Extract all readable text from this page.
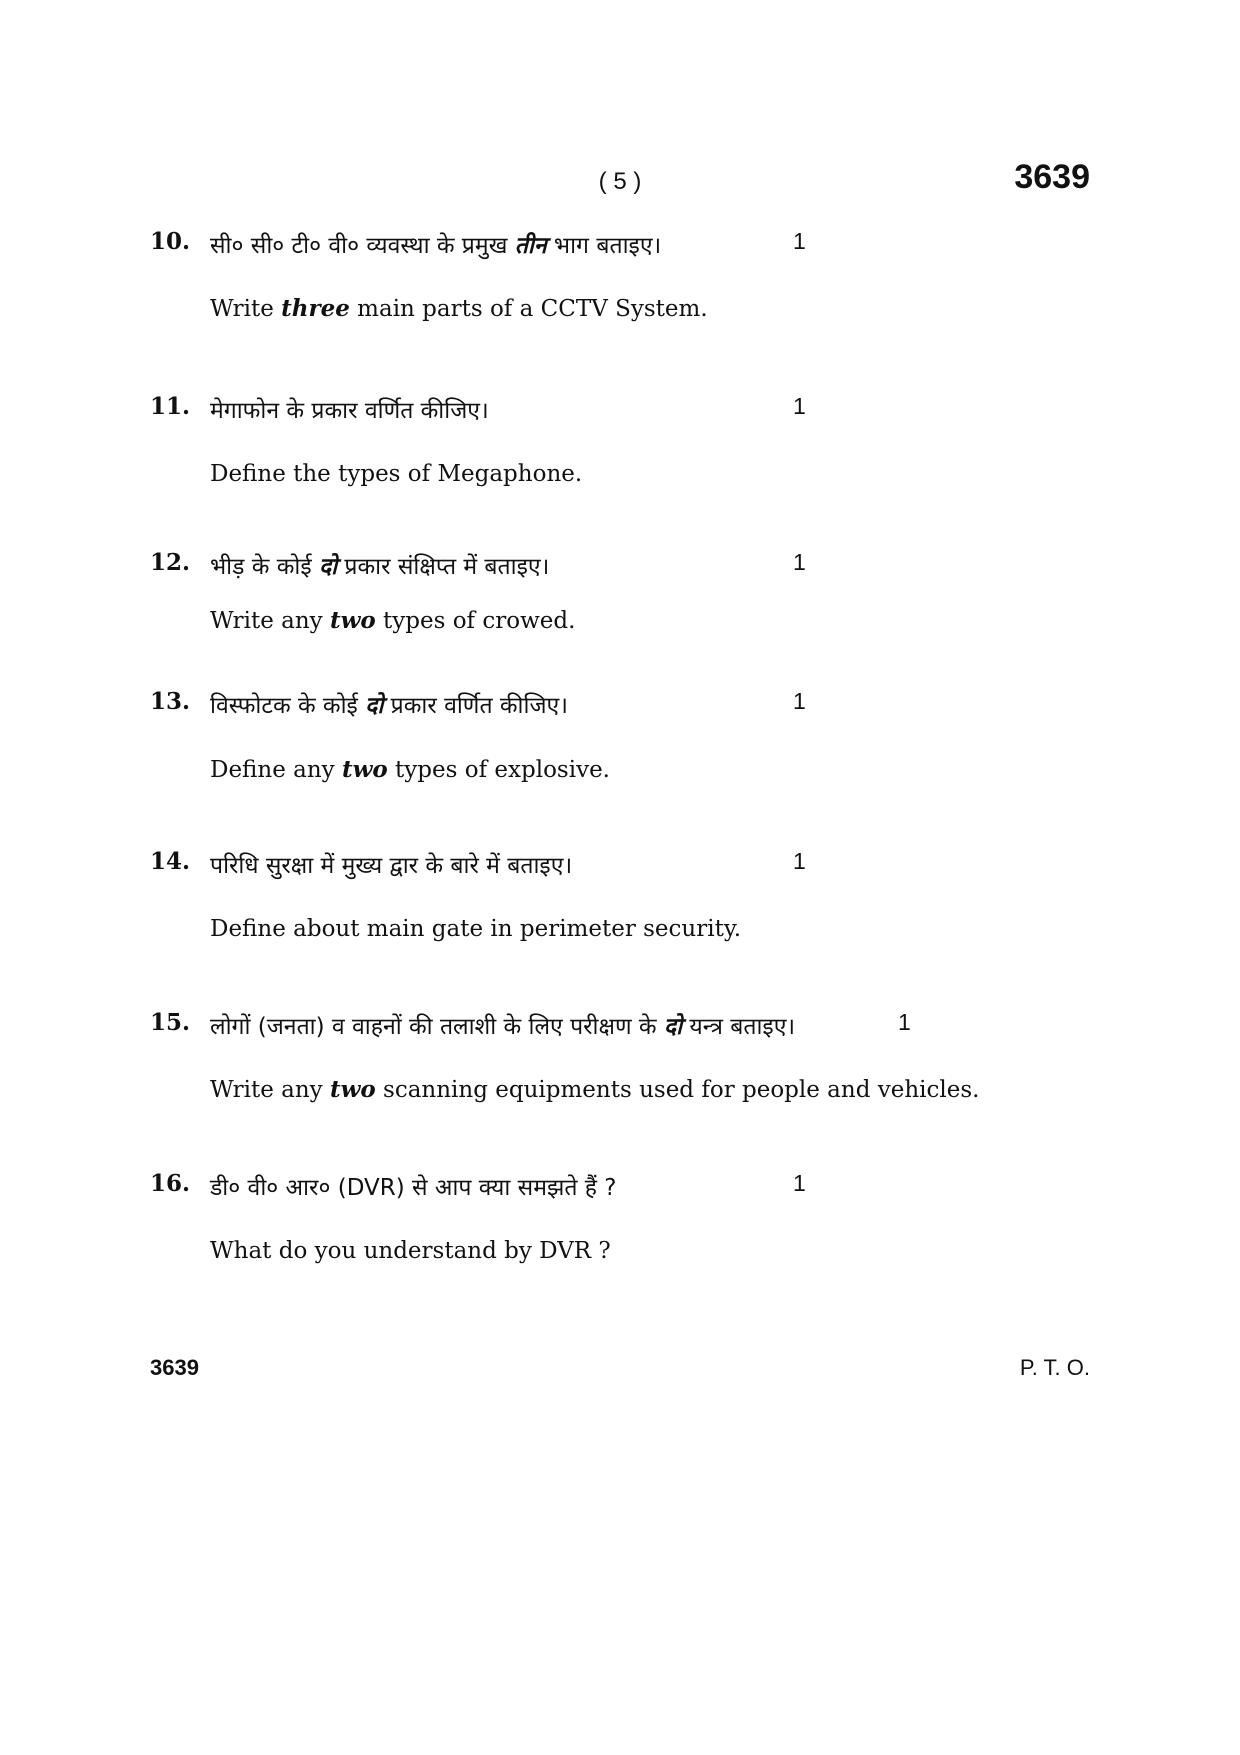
( 5 )	3639
10. सी० सी० टी० वी० व्यवस्था के प्रमुख तीन भाग बताइए।	1
Write three main parts of a CCTV System.
11. मेगाफोन के प्रकार वर्णित कीजिए।	1
Define the types of Megaphone.
12. भीड़ के कोई दो प्रकार संक्षिप्त में बताइए।	1
Write any two types of crowed.
13. विस्फोटक के कोई दो प्रकार वर्णित कीजिए।	1
Define any two types of explosive.
14. परिधि सुरक्षा में मुख्य द्वार के बारे में बताइए।	1
Define about main gate in perimeter security.
15. लोगों (जनता) व वाहनों की तलाशी के लिए परीक्षण के दो यन्त्र बताइए।	1
Write any two scanning equipments used for people and vehicles.
16. डी० वी० आर० (DVR) से आप क्या समझते हैं ?	1
What do you understand by DVR ?
3639	P. T. O.
